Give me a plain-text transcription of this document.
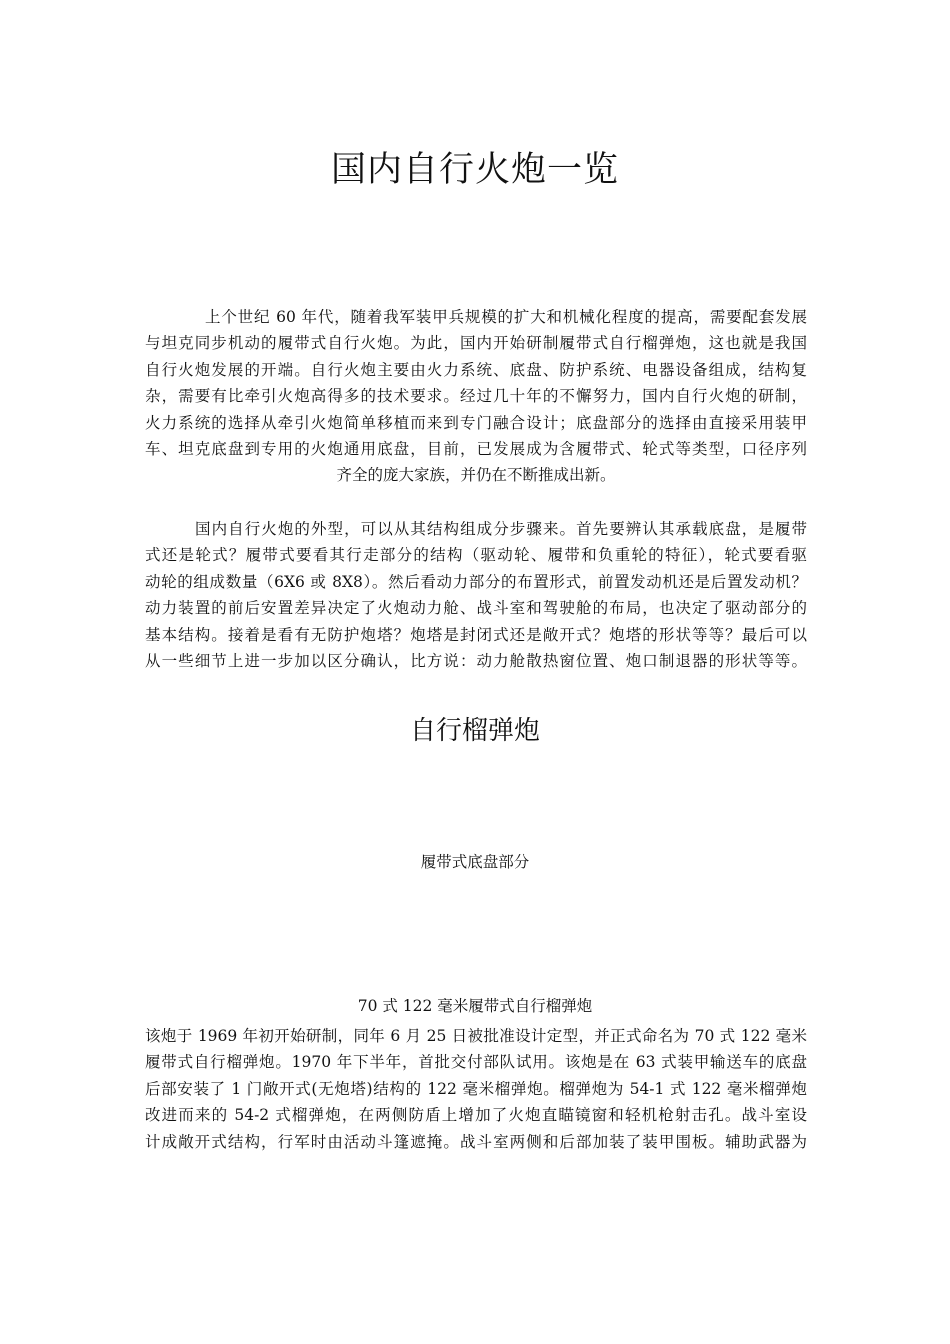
国内自行火炮一览
上个世纪 60 年代，随着我军装甲兵规模的扩大和机械化程度的提高，需要配套发展
与坦克同步机动的履带式自行火炮。为此，国内开始研制履带式自行榴弹炮，这也就是我国
自行火炮发展的开端。自行火炮主要由火力系统、底盘、防护系统、电器设备组成，结构复
杂，需要有比牵引火炮高得多的技术要求。经过几十年的不懈努力，国内自行火炮的研制，
火力系统的选择从牵引火炮简单移植而来到专门融合设计；底盘部分的选择由直接采用装甲
车、坦克底盘到专用的火炮通用底盘，目前，已发展成为含履带式、轮式等类型，口径序列
齐全的庞大家族，并仍在不断推成出新。
国内自行火炮的外型，可以从其结构组成分步骤来。首先要辨认其承载底盘，是履带
式还是轮式？履带式要看其行走部分的结构（驱动轮、履带和负重轮的特征），轮式要看驱
动轮的组成数量（6X6 或 8X8）。然后看动力部分的布置形式，前置发动机还是后置发动机？
动力装置的前后安置差异决定了火炮动力舱、战斗室和驾驶舱的布局，也决定了驱动部分的
基本结构。接着是看有无防护炮塔？炮塔是封闭式还是敞开式？炮塔的形状等等？最后可以
从一些细节上进一步加以区分确认，比方说：动力舱散热窗位置、炮口制退器的形状等等。
自行榴弹炮

履带式底盘部分

70 式 122 毫米履带式自行榴弹炮

该炮于 1969 年初开始研制，同年 6 月 25 日被批准设计定型，并正式命名为 70 式 122 毫米
履带式自行榴弹炮。1970 年下半年，首批交付部队试用。该炮是在 63 式装甲输送车的底盘
后部安装了 1 门敞开式(无炮塔)结构的 122 毫米榴弹炮。榴弹炮为 54-1 式 122 毫米榴弹炮
改进而来的 54-2 式榴弹炮，在两侧防盾上增加了火炮直瞄镜窗和轻机枪射击孔。战斗室设
计成敞开式结构，行军时由活动斗篷遮掩。战斗室两侧和后部加装了装甲围板。辅助武器为
